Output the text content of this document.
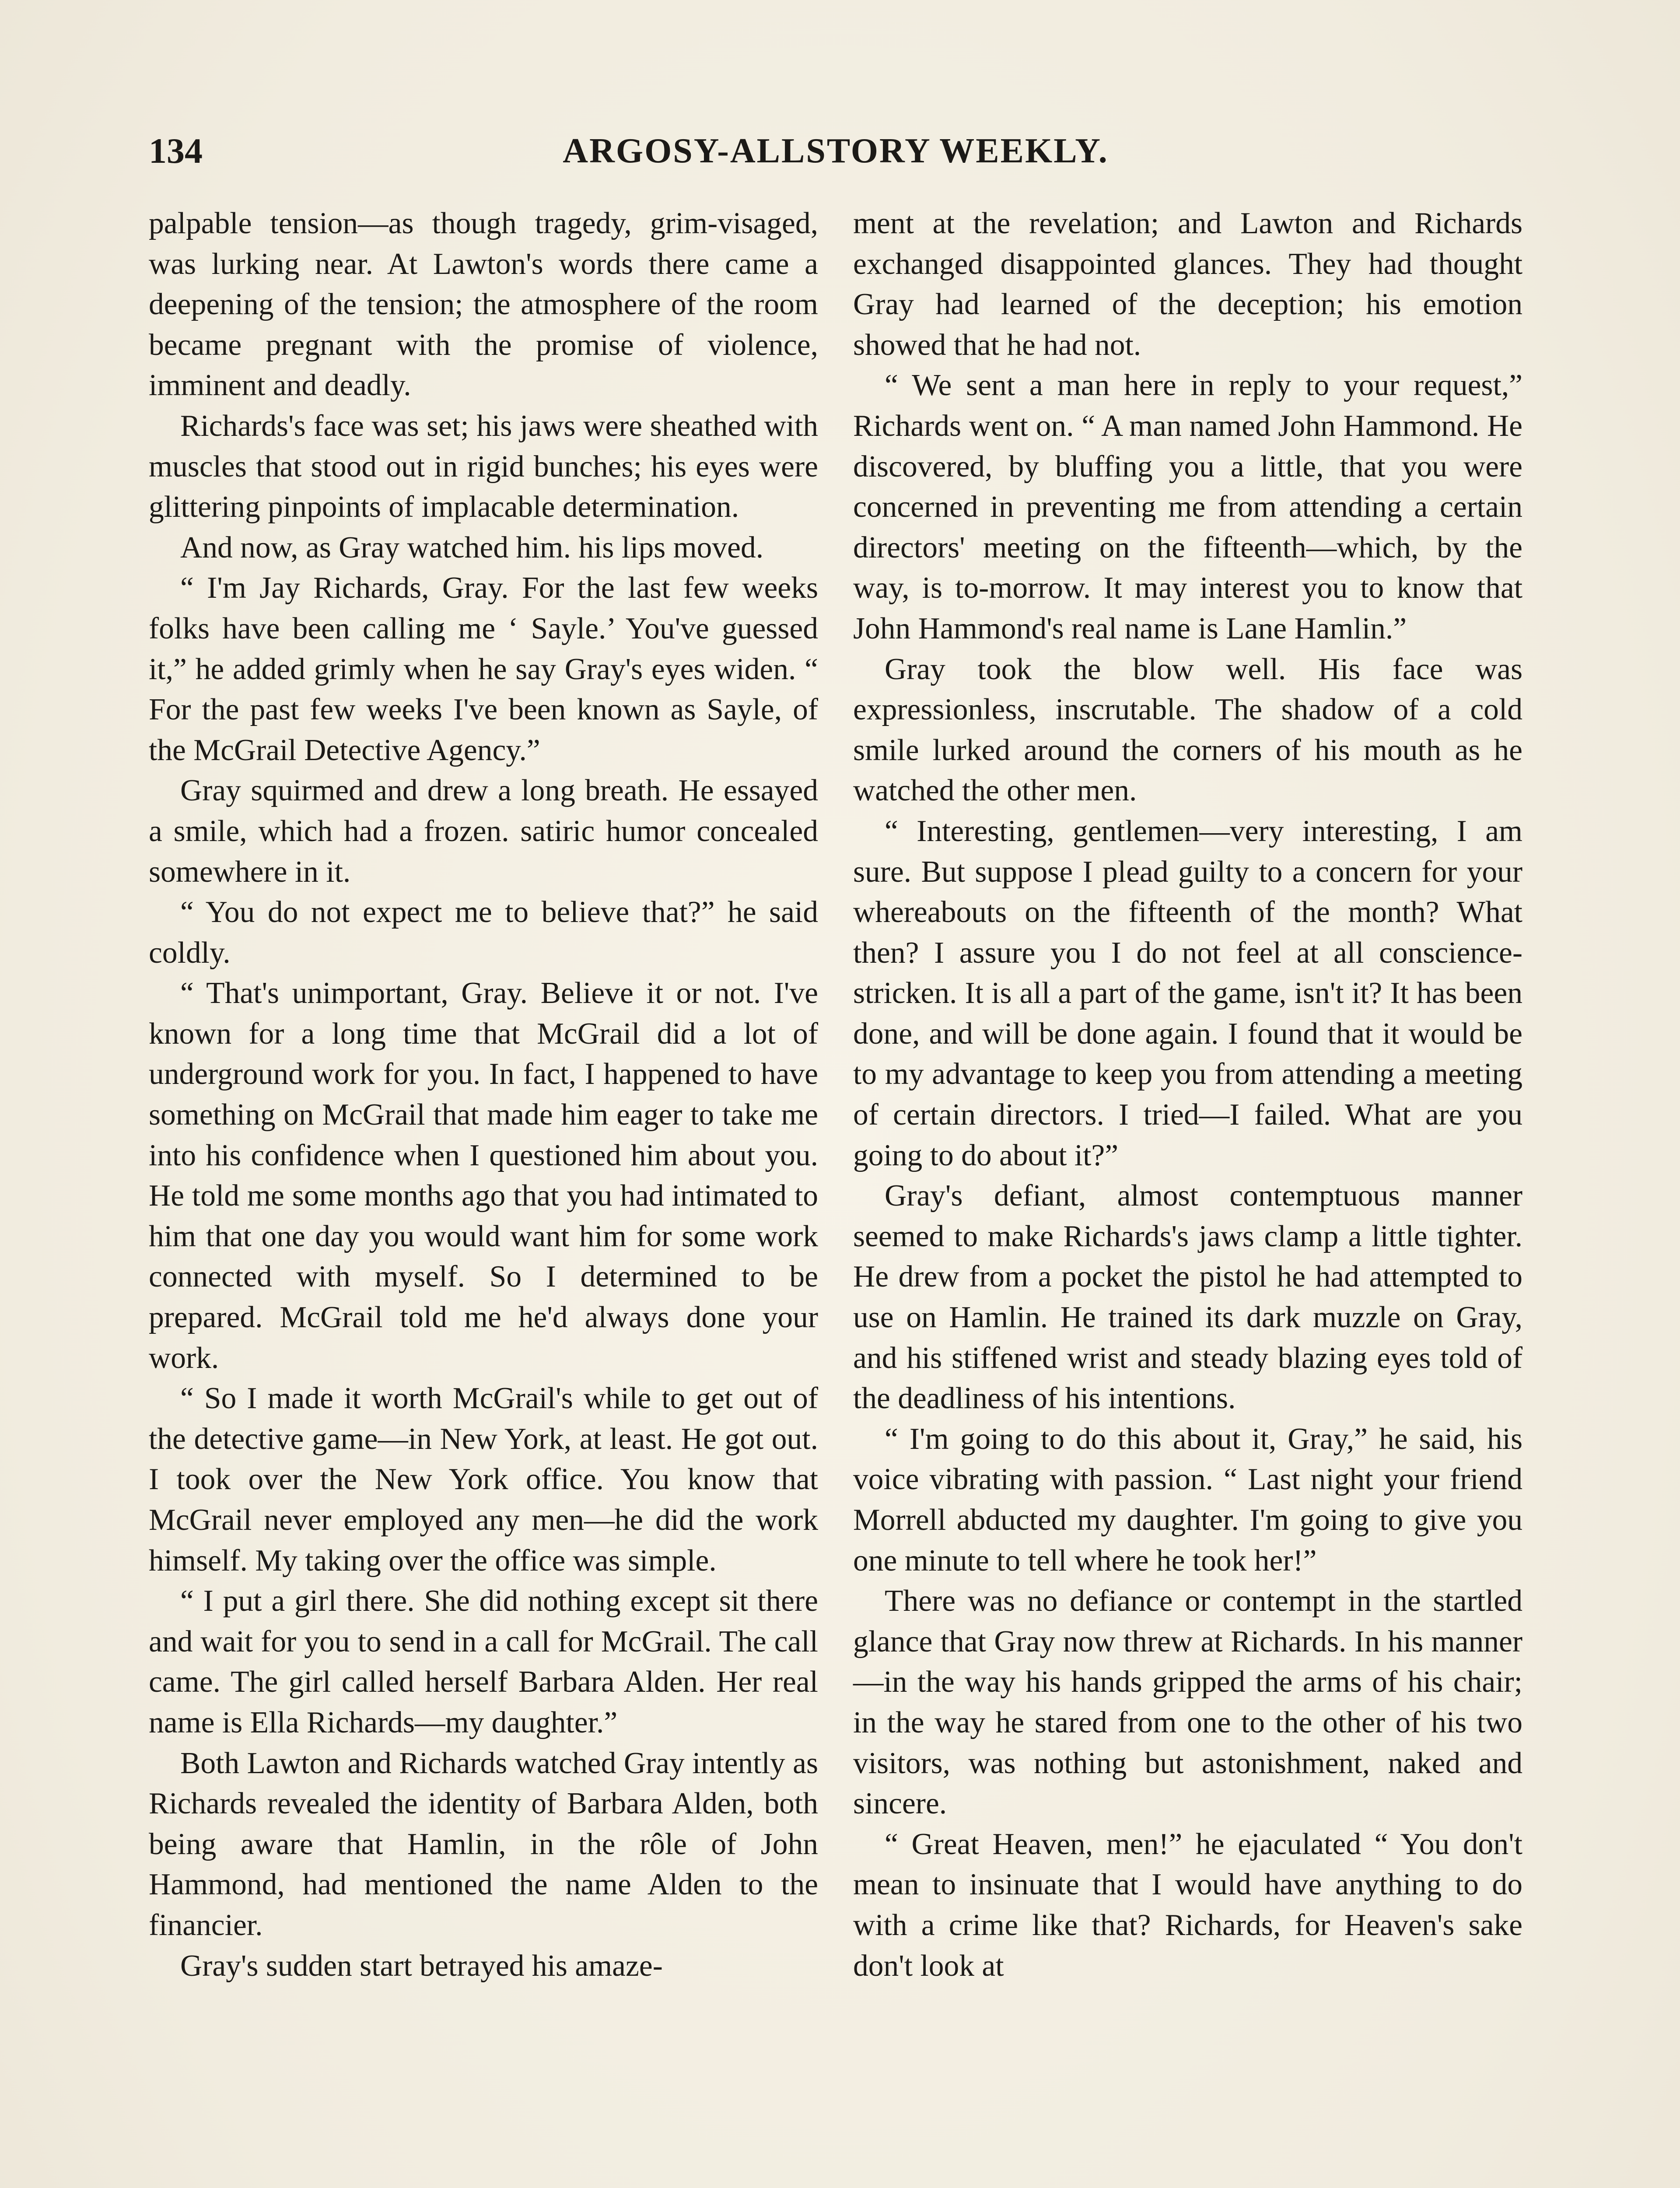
134	ARGOSY-ALLSTORY WEEKLY.

palpable tension—as though tragedy, grim-visaged, was lurking near. At Lawton's words there came a deepening of the tension; the atmosphere of the room became pregnant with the promise of violence, imminent and deadly.

Richards's face was set; his jaws were sheathed with muscles that stood out in rigid bunches; his eyes were glittering pinpoints of implacable determination.

And now, as Gray watched him. his lips moved.

“ I'm Jay Richards, Gray. For the last few weeks folks have been calling me ‘ Sayle.’ You've guessed it,” he added grimly when he say Gray's eyes widen. “ For the past few weeks I've been known as Sayle, of the McGrail Detective Agency.”

Gray squirmed and drew a long breath. He essayed a smile, which had a frozen. satiric humor concealed somewhere in it.

“ You do not expect me to believe that?” he said coldly.

“ That's unimportant, Gray. Believe it or not. I've known for a long time that McGrail did a lot of underground work for you. In fact, I happened to have something on McGrail that made him eager to take me into his confidence when I questioned him about you. He told me some months ago that you had intimated to him that one day you would want him for some work connected with myself. So I determined to be prepared. McGrail told me he'd always done your work.

“ So I made it worth McGrail's while to get out of the detective game—in New York, at least. He got out. I took over the New York office. You know that McGrail never employed any men—he did the work himself. My taking over the office was simple.

“ I put a girl there. She did nothing except sit there and wait for you to send in a call for McGrail. The call came. The girl called herself Barbara Alden. Her real name is Ella Richards—my daughter.”

Both Lawton and Richards watched Gray intently as Richards revealed the identity of Barbara Alden, both being aware that Hamlin, in the rôle of John Hammond, had mentioned the name Alden to the financier.

Gray's sudden start betrayed his amaze-

ment at the revelation; and Lawton and Richards exchanged disappointed glances. They had thought Gray had learned of the deception; his emotion showed that he had not.

“ We sent a man here in reply to your request,” Richards went on. “ A man named John Hammond. He discovered, by bluffing you a little, that you were concerned in preventing me from attending a certain directors' meeting on the fifteenth—which, by the way, is to-morrow. It may interest you to know that John Hammond's real name is Lane Hamlin.”

Gray took the blow well. His face was expressionless, inscrutable. The shadow of a cold smile lurked around the corners of his mouth as he watched the other men.

“ Interesting, gentlemen—very interesting, I am sure. But suppose I plead guilty to a concern for your whereabouts on the fifteenth of the month? What then? I assure you I do not feel at all conscience-stricken. It is all a part of the game, isn't it? It has been done, and will be done again. I found that it would be to my advantage to keep you from attending a meeting of certain directors. I tried—I failed. What are you going to do about it?”

Gray's defiant, almost contemptuous manner seemed to make Richards's jaws clamp a little tighter. He drew from a pocket the pistol he had attempted to use on Hamlin. He trained its dark muzzle on Gray, and his stiffened wrist and steady blazing eyes told of the deadliness of his intentions.

“ I'm going to do this about it, Gray,” he said, his voice vibrating with passion. “ Last night your friend Morrell abducted my daughter. I'm going to give you one minute to tell where he took her!”

There was no defiance or contempt in the startled glance that Gray now threw at Richards. In his manner—in the way his hands gripped the arms of his chair; in the way he stared from one to the other of his two visitors, was nothing but astonishment, naked and sincere.

“ Great Heaven, men!” he ejaculated “ You don't mean to insinuate that I would have anything to do with a crime like that? Richards, for Heaven's sake don't look at
